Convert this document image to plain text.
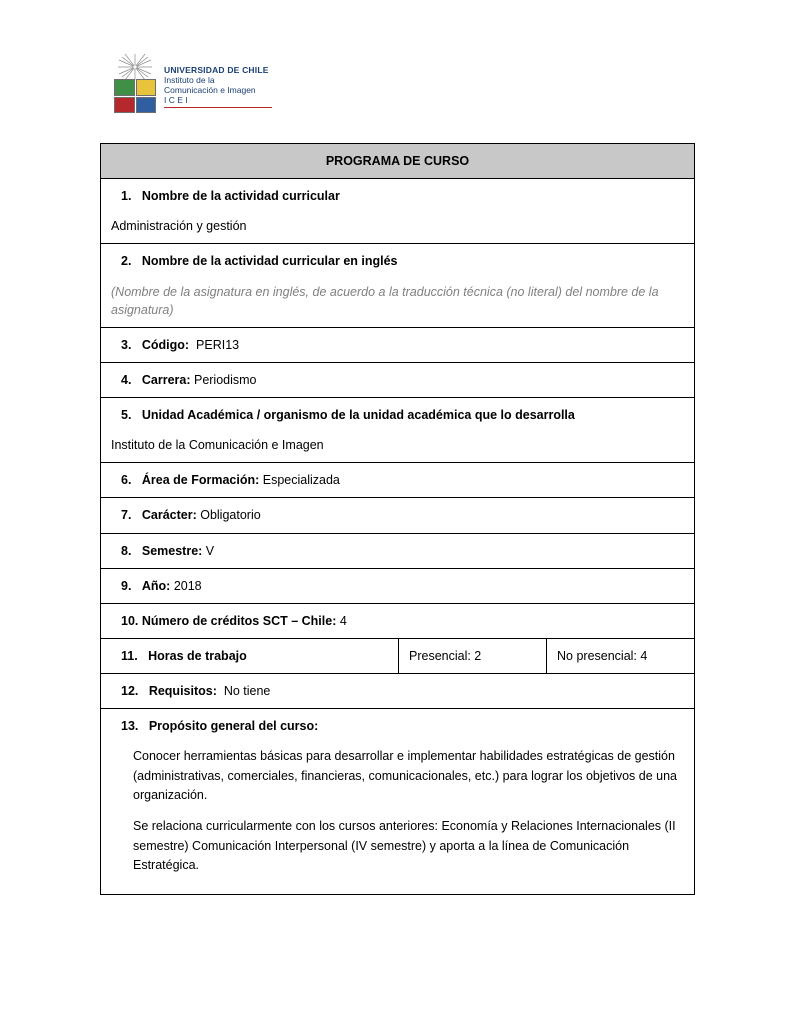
UNIVERSIDAD DE CHILE
Instituto de la
Comunicación e Imagen
I C E I
PROGRAMA DE CURSO

1. Nombre de la actividad curricular
Administración y gestión

2. Nombre de la actividad curricular en inglés
(Nombre de la asignatura en inglés, de acuerdo a la traducción técnica (no literal) del nombre de la asignatura)

3. Código: PERI13

4. Carrera: Periodismo

5. Unidad Académica / organismo de la unidad académica que lo desarrolla
Instituto de la Comunicación e Imagen

6. Área de Formación: Especializada

7. Carácter: Obligatorio

8. Semestre: V

9. Año: 2018

10. Número de créditos SCT – Chile: 4

11. Horas de trabajo	Presencial: 2	No presencial: 4

12. Requisitos: No tiene

13. Propósito general del curso:
Conocer herramientas básicas para desarrollar e implementar habilidades estratégicas de gestión (administrativas, comerciales, financieras, comunicacionales, etc.) para lograr los objetivos de una organización.
Se relaciona curricularmente con los cursos anteriores: Economía y Relaciones Internacionales (II semestre) Comunicación Interpersonal (IV semestre) y aporta a la línea de Comunicación Estratégica.
